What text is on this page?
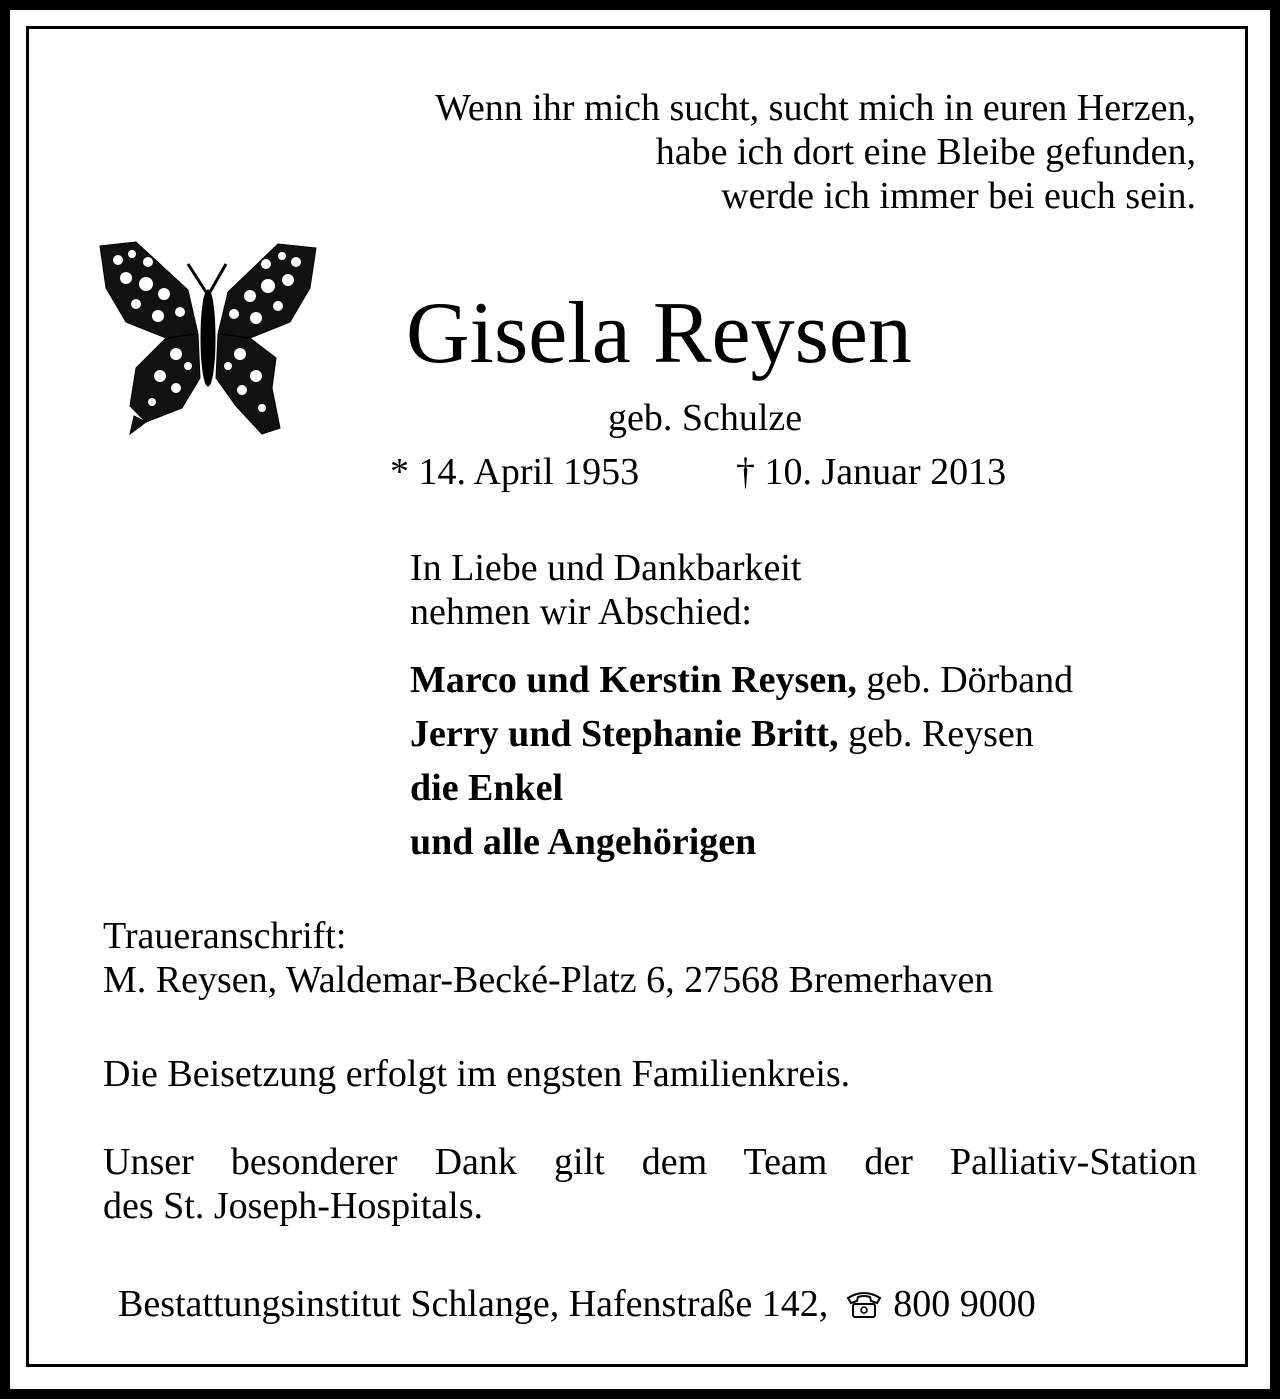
Wenn ihr mich sucht, sucht mich in euren Herzen,
habe ich dort eine Bleibe gefunden,
werde ich immer bei euch sein.
Gisela Reysen
geb. Schulze
* 14. April 1953	† 10. Januar 2013
In Liebe und Dankbarkeit
nehmen wir Abschied:
Marco und Kerstin Reysen, geb. Dörband
Jerry und Stephanie Britt, geb. Reysen
die Enkel
und alle Angehörigen
Traueranschrift:
M. Reysen, Waldemar-Becké-Platz 6, 27568 Bremerhaven
Die Beisetzung erfolgt im engsten Familienkreis.
Unser besonderer Dank gilt dem Team der Palliativ-Station
des St. Joseph-Hospitals.
Bestattungsinstitut Schlange, Hafenstraße 142, 800 9000
